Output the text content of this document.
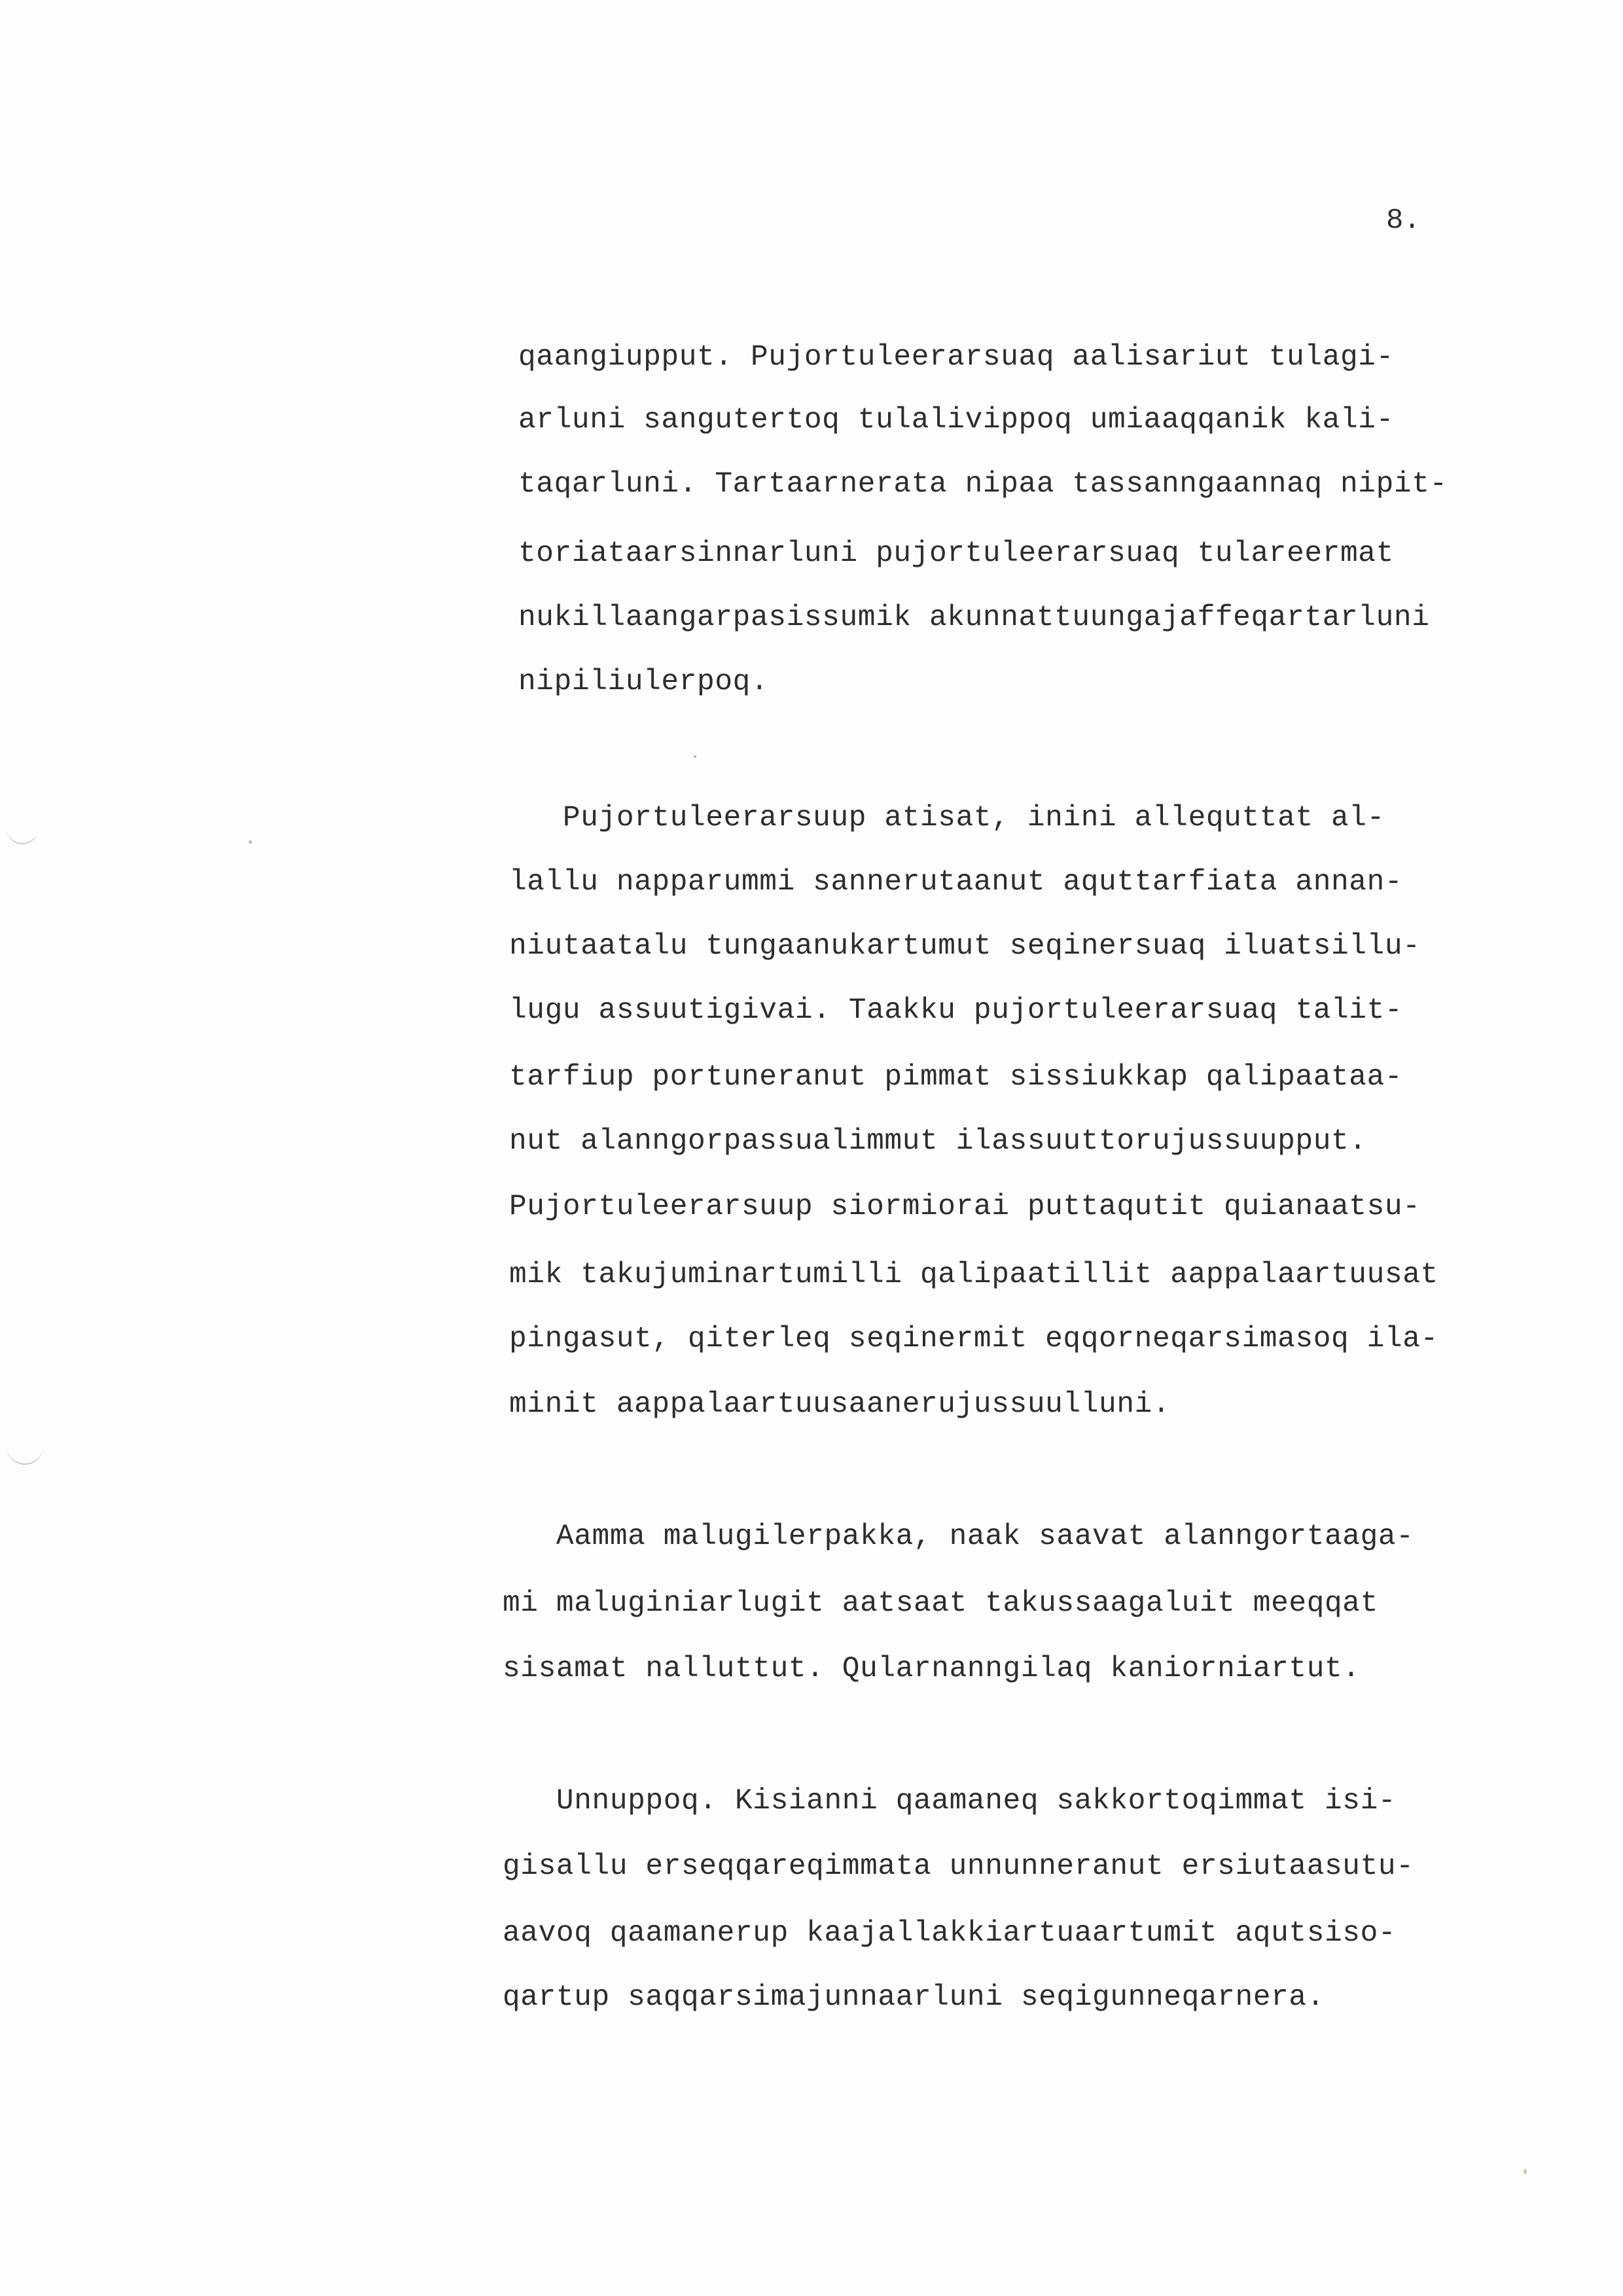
8.
qaangiupput. Pujortuleerarsuaq aalisariut tulagi-
arluni sangutertoq tulalivippoq umiaaqqanik kali-
taqarluni. Tartaarnerata nipaa tassanngaannaq nipit-
toriataarsinnarluni pujortuleerarsuaq tulareermat
nukillaangarpasissumik akunnattuungajaffeqartarluni
nipiliulerpoq.
Pujortuleerarsuup atisat, inini allequttat al-
lallu napparummi sannerutaanut aquttarfiata annan-
niutaatalu tungaanukartumut seqinersuaq iluatsillu-
lugu assuutigivai. Taakku pujortuleerarsuaq talit-
tarfiup portuneranut pimmat sissiukkap qalipaataa-
nut alanngorpassualimmut ilassuuttorujussuupput.
Pujortuleerarsuup siormiorai puttaqutit quianaatsu-
mik takujuminartumilli qalipaatillit aappalaartuusat
pingasut, qiterleq seqinermit eqqorneqarsimasoq ila-
minit aappalaartuusaanerujussuulluni.
Aamma malugilerpakka, naak saavat alanngortaaga-
mi maluginiarlugit aatsaat takussaagaluit meeqqat
sisamat nalluttut. Qularnanngilaq kaniorniartut.
Unnuppoq. Kisianni qaamaneq sakkortoqimmat isi-
gisallu erseqqareqimmata unnunneranut ersiutaasutu-
aavoq qaamanerup kaajallakkiartuaartumit aqutsiso-
qartup saqqarsimajunnaarluni seqigunneqarnera.
